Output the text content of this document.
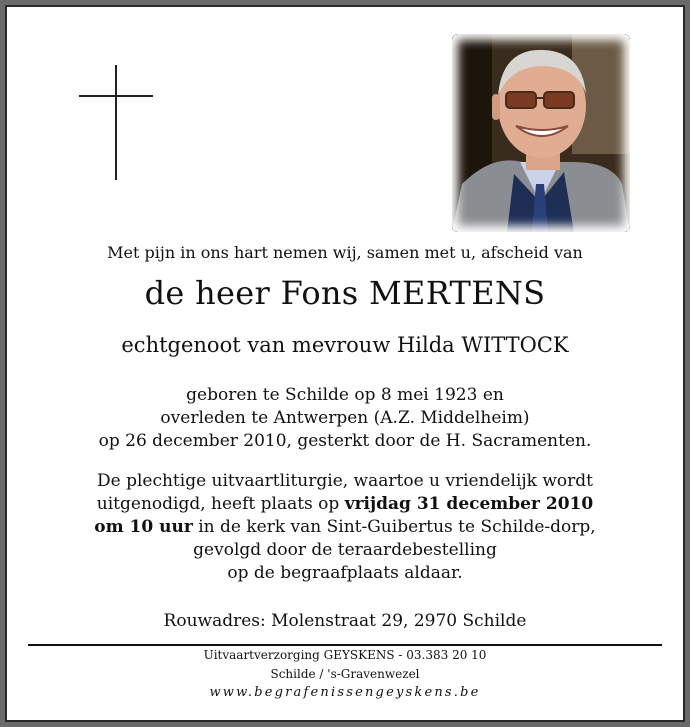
Met pijn in ons hart nemen wij, samen met u, afscheid van
de heer Fons MERTENS
echtgenoot van mevrouw Hilda WITTOCK
geboren te Schilde op 8 mei 1923 en
overleden te Antwerpen (A.Z. Middelheim)
op 26 december 2010, gesterkt door de H. Sacramenten.
De plechtige uitvaartliturgie, waartoe u vriendelijk wordt
uitgenodigd, heeft plaats op vrijdag 31 december 2010
om 10 uur in de kerk van Sint-Guibertus te Schilde-dorp,
gevolgd door de teraardebestelling
op de begraafplaats aldaar.
Rouwadres: Molenstraat 29, 2970 Schilde
Uitvaartverzorging GEYSKENS - 03.383 20 10
Schilde / 's-Gravenwezel
www.begrafenissengeyskens.be
